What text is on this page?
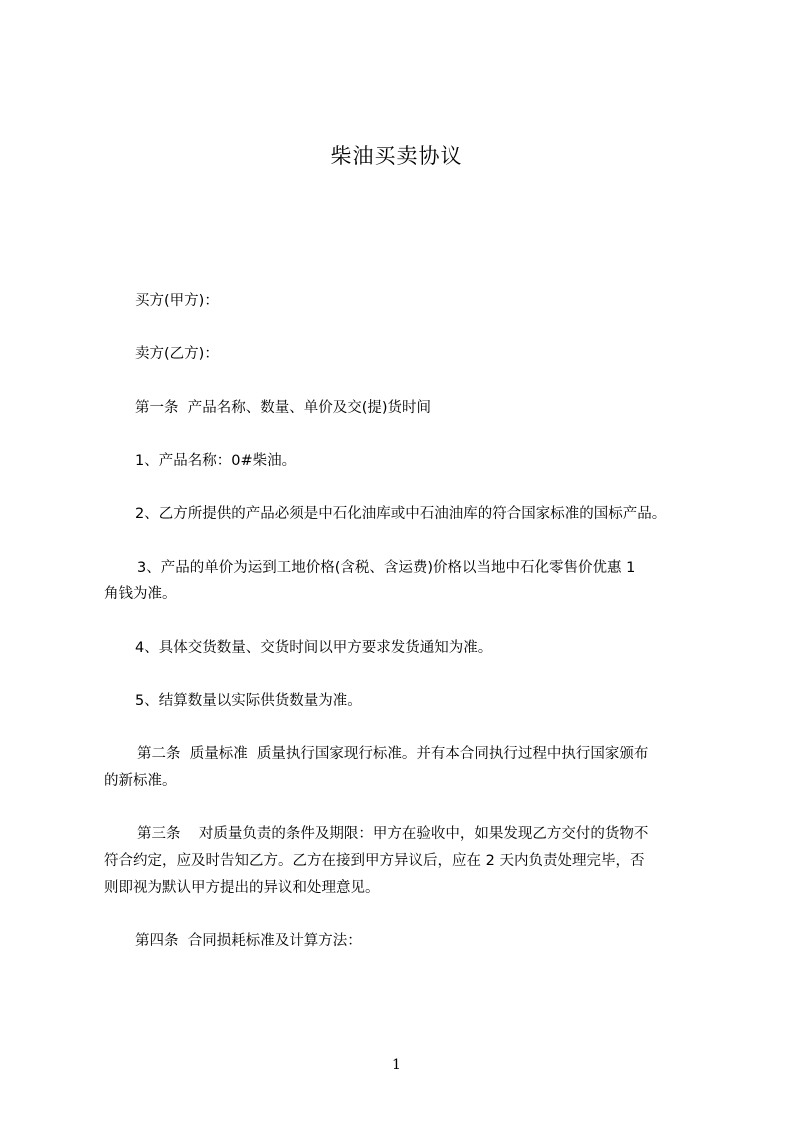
柴油买卖协议
买方(甲方)：
卖方(乙方)：
第一条  产品名称、数量、单价及交(提)货时间
1、产品名称：0#柴油。
2、乙方所提供的产品必须是中石化油库或中石油油库的符合国家标准的国标产品。
3、产品的单价为运到工地价格(含税、含运费)价格以当地中石化零售价优惠 1
角钱为准。
4、具体交货数量、交货时间以甲方要求发货通知为准。
5、结算数量以实际供货数量为准。
第二条  质量标准  质量执行国家现行标准。并有本合同执行过程中执行国家颁布
的新标准。
第三条    对质量负责的条件及期限：甲方在验收中，如果发现乙方交付的货物不
符合约定，应及时告知乙方。乙方在接到甲方异议后，应在 2 天内负责处理完毕，否
则即视为默认甲方提出的异议和处理意见。
第四条  合同损耗标准及计算方法：
1
